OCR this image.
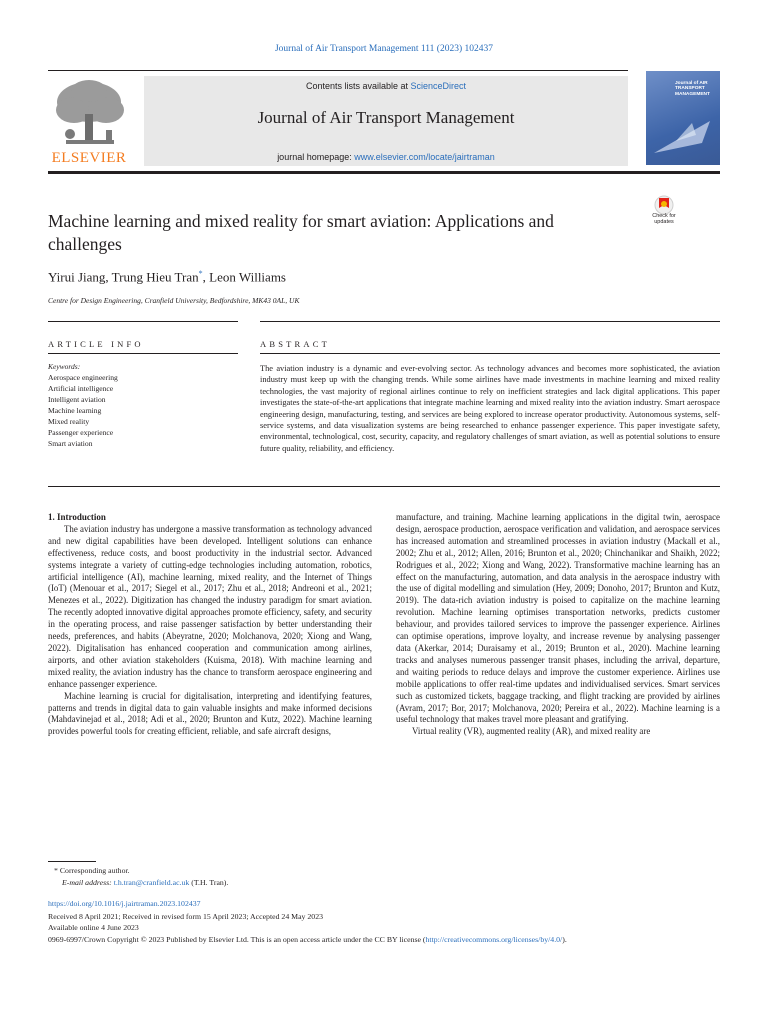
Journal of Air Transport Management 111 (2023) 102437
ELSEVIER
Contents lists available at ScienceDirect
Journal of Air Transport Management
journal homepage: www.elsevier.com/locate/jairtraman
Journal of AIR TRANSPORT MANAGEMENT
Machine learning and mixed reality for smart aviation: Applications and challenges
Check for updates
Yirui Jiang, Trung Hieu Tran*, Leon Williams
Centre for Design Engineering, Cranfield University, Bedfordshire, MK43 0AL, UK
ARTICLE INFO	ABSTRACT
Keywords:
Aerospace engineering
Artificial intelligence
Intelligent aviation
Machine learning
Mixed reality
Passenger experience
Smart aviation

The aviation industry is a dynamic and ever-evolving sector. As technology advances and becomes more sophisticated, the aviation industry must keep up with the changing trends. While some airlines have made investments in machine learning and mixed reality technologies, the vast majority of regional airlines continue to rely on inefficient strategies and lack digital applications. This paper investigates the state-of-the-art applications that integrate machine learning and mixed reality into the aviation industry. Smart aerospace engineering design, manufacturing, testing, and services are being explored to increase operator productivity. Autonomous systems, self-service systems, and data visualization systems are being researched to enhance passenger experience. This paper investigate safety, environmental, technological, cost, security, capacity, and regulatory challenges of smart aviation, as well as potential solutions to ensure future quality, reliability, and efficiency.

1. Introduction

The aviation industry has undergone a massive transformation as technology advanced and new digital capabilities have been developed. Intelligent solutions can enhance effectiveness, reduce costs, and boost productivity in the industrial sector. Advanced systems integrate a variety of cutting-edge technologies including automation, robotics, artificial intelligence (AI), machine learning, mixed reality, and the Internet of Things (IoT) (Menouar et al., 2017; Siegel et al., 2017; Zhu et al., 2018; Andreoni et al., 2021; Menezes et al., 2022). Digitization has changed the industry paradigm for smart aviation. The recently adopted innovative digital approaches promote efficiency, safety, and security in the operating process, and raise passenger satisfaction by better understanding their needs, preferences, and habits (Abeyratne, 2020; Molchanova, 2020; Xiong and Wang, 2022). Digitalisation has enhanced cooperation and communication among airlines, airports, and other aviation stakeholders (Kuisma, 2018). With machine learning and mixed reality, the aviation industry has the chance to transform aerospace engineering and enhance passenger experience.

Machine learning is crucial for digitalisation, interpreting and identifying features, patterns and trends in digital data to gain valuable insights and make informed decisions (Mahdavinejad et al., 2018; Adi et al., 2020; Brunton and Kutz, 2022). Machine learning provides powerful tools for creating efficient, reliable, and safe aircraft designs,

manufacture, and training. Machine learning applications in the digital twin, aerospace design, aerospace production, aerospace verification and validation, and aerospace services has increased automation and streamlined processes in aviation industry (Mackall et al., 2002; Zhu et al., 2012; Allen, 2016; Brunton et al., 2020; Chinchanikar and Shaikh, 2022; Rodrigues et al., 2022; Xiong and Wang, 2022). Transformative machine learning has an effect on the manufacturing, automation, and data analysis in the aerospace industry with the use of digital modelling and simulation (Hey, 2009; Donoho, 2017; Brunton and Kutz, 2019). The data-rich aviation industry is poised to capitalize on the machine learning revolution. Machine learning optimises transportation networks, predicts customer behaviour, and provides tailored services to improve the passenger experience. Airlines can optimise operations, improve loyalty, and increase revenue by analysing passenger data (Akerkar, 2014; Duraisamy et al., 2019; Brunton et al., 2020). Machine learning tracks and analyses numerous passenger transit phases, including the arrival, departure, and waiting periods to reduce delays and improve the customer experience. Airlines use mobile applications to offer real-time updates and individualised services. Smart services such as customized tickets, baggage tracking, and flight tracking are provided by airlines (Avram, 2017; Bor, 2017; Molchanova, 2020; Pereira et al., 2022). Machine learning is a useful technology that makes travel more pleasant and gratifying.

Virtual reality (VR), augmented reality (AR), and mixed reality are

* Corresponding author.
E-mail address: t.h.tran@cranfield.ac.uk (T.H. Tran).
https://doi.org/10.1016/j.jairtraman.2023.102437
Received 8 April 2021; Received in revised form 15 April 2023; Accepted 24 May 2023
Available online 4 June 2023
0969-6997/Crown Copyright © 2023 Published by Elsevier Ltd. This is an open access article under the CC BY license (http://creativecommons.org/licenses/by/4.0/).
